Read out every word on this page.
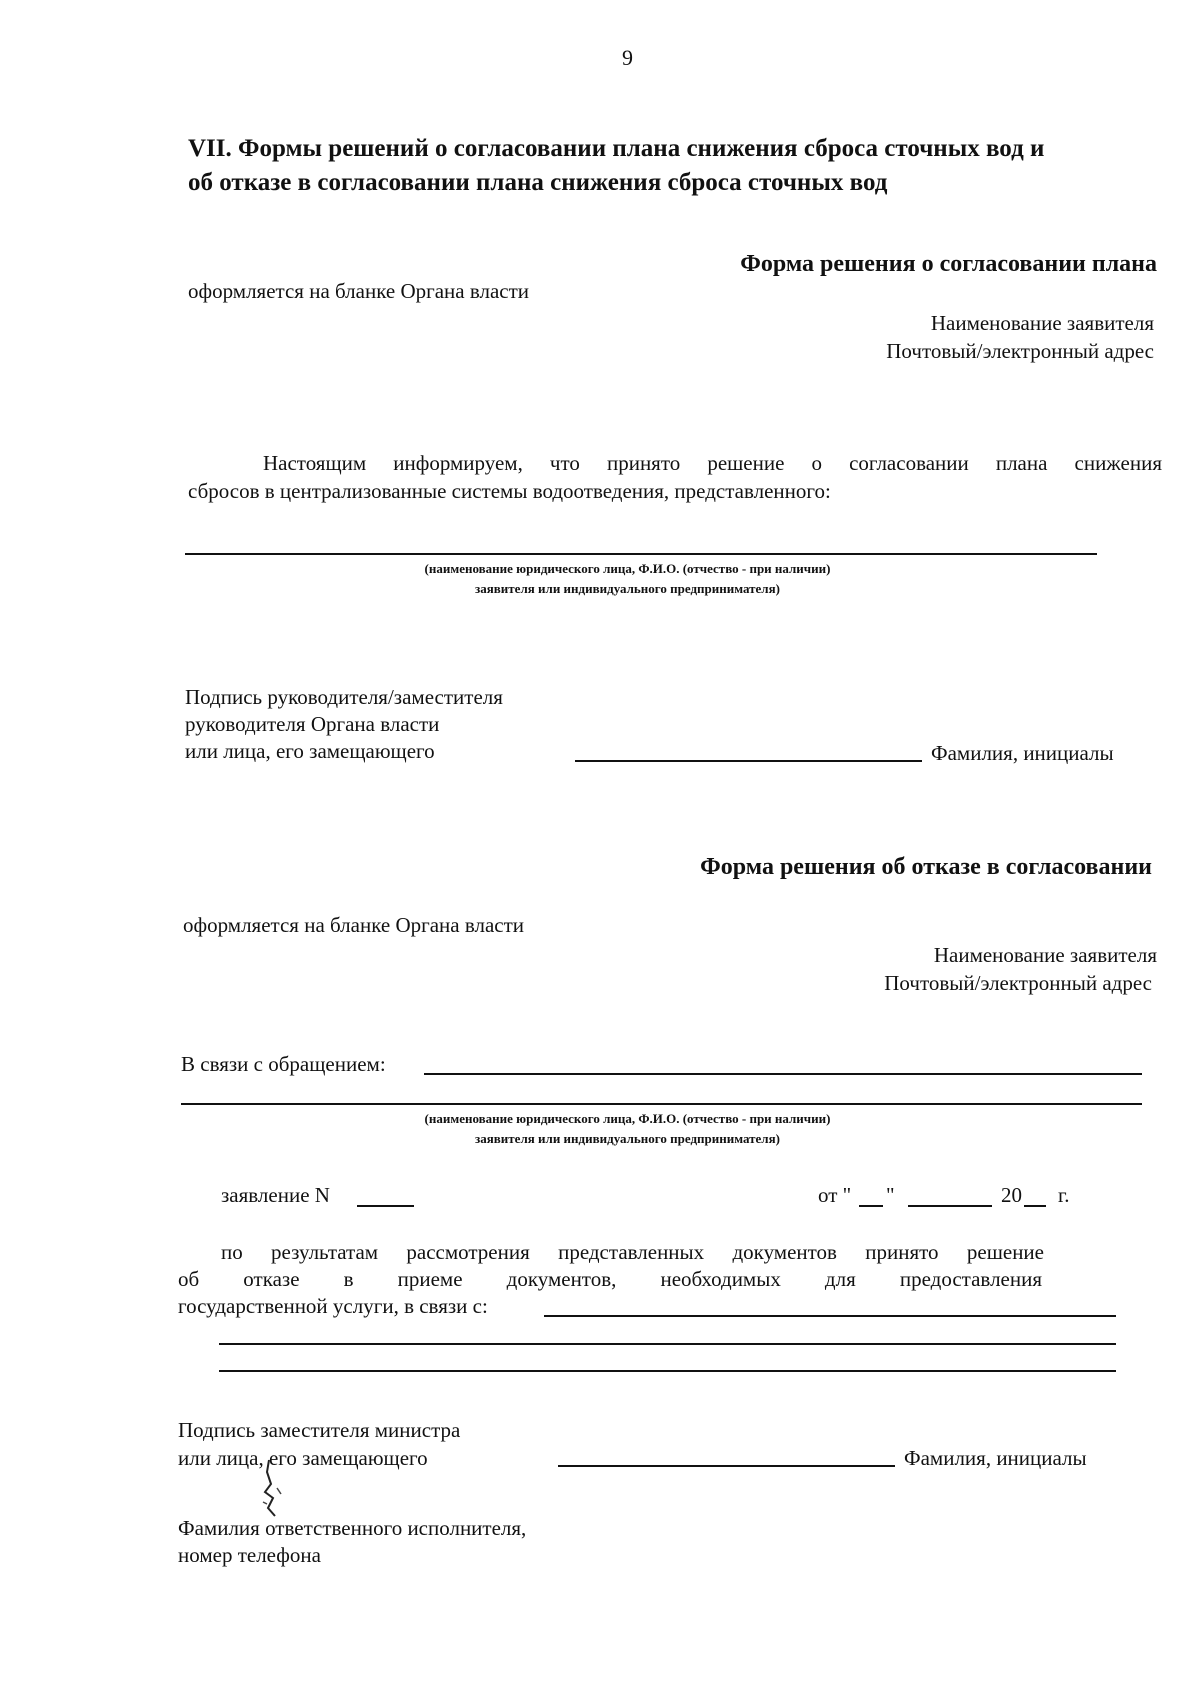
9
VII. Формы решений о согласовании плана снижения сброса сточных вод и
об отказе в согласовании плана снижения сброса сточных вод
Форма решения о согласовании плана
оформляется на бланке Органа власти
Наименование заявителя
Почтовый/электронный адрес
Настоящим информируем, что принято решение о согласовании плана снижения
сбросов в централизованные системы водоотведения, представленного:
(наименование юридического лица, Ф.И.О. (отчество - при наличии)
заявителя или индивидуального предпринимателя)
Подпись руководителя/заместителя
руководителя Органа власти
или лица, его замещающего	Фамилия, инициалы
Форма решения об отказе в согласовании
оформляется на бланке Органа власти
Наименование заявителя
Почтовый/электронный адрес
В связи с обращением:
(наименование юридического лица, Ф.И.О. (отчество - при наличии)
заявителя или индивидуального предпринимателя)
заявление N	от " "	20 г.
по результатам рассмотрения представленных документов принято решение
об отказе в приеме документов, необходимых для предоставления
государственной услуги, в связи с:
Подпись заместителя министра
или лица, его замещающего	Фамилия, инициалы
Фамилия ответственного исполнителя,
номер телефона
